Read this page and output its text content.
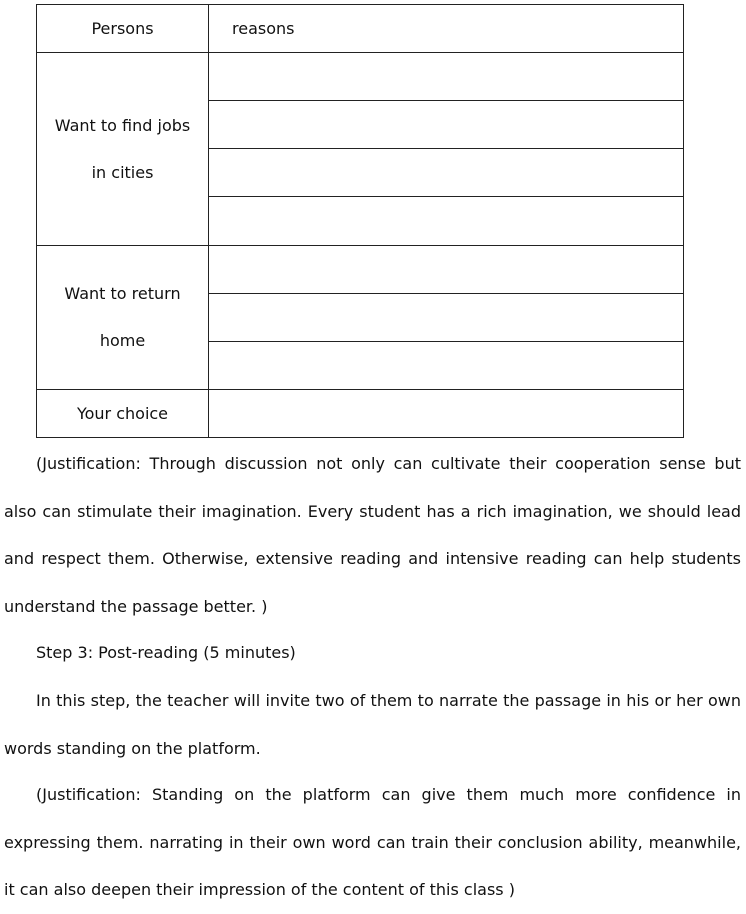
Persons	reasons

Want to find jobs
in cities	

Want to return
home	

Your choice	

(Justification: Through discussion not only can cultivate their cooperation sense but also can stimulate their imagination. Every student has a rich imagination, we should lead and respect them. Otherwise, extensive reading and intensive reading can help students understand the passage better. )

Step 3: Post-reading (5 minutes)

In this step, the teacher will invite two of them to narrate the passage in his or her own words standing on the platform.

(Justification: Standing on the platform can give them much more confidence in expressing them. narrating in their own word can train their conclusion ability, meanwhile, it can also deepen their impression of the content of this class )
